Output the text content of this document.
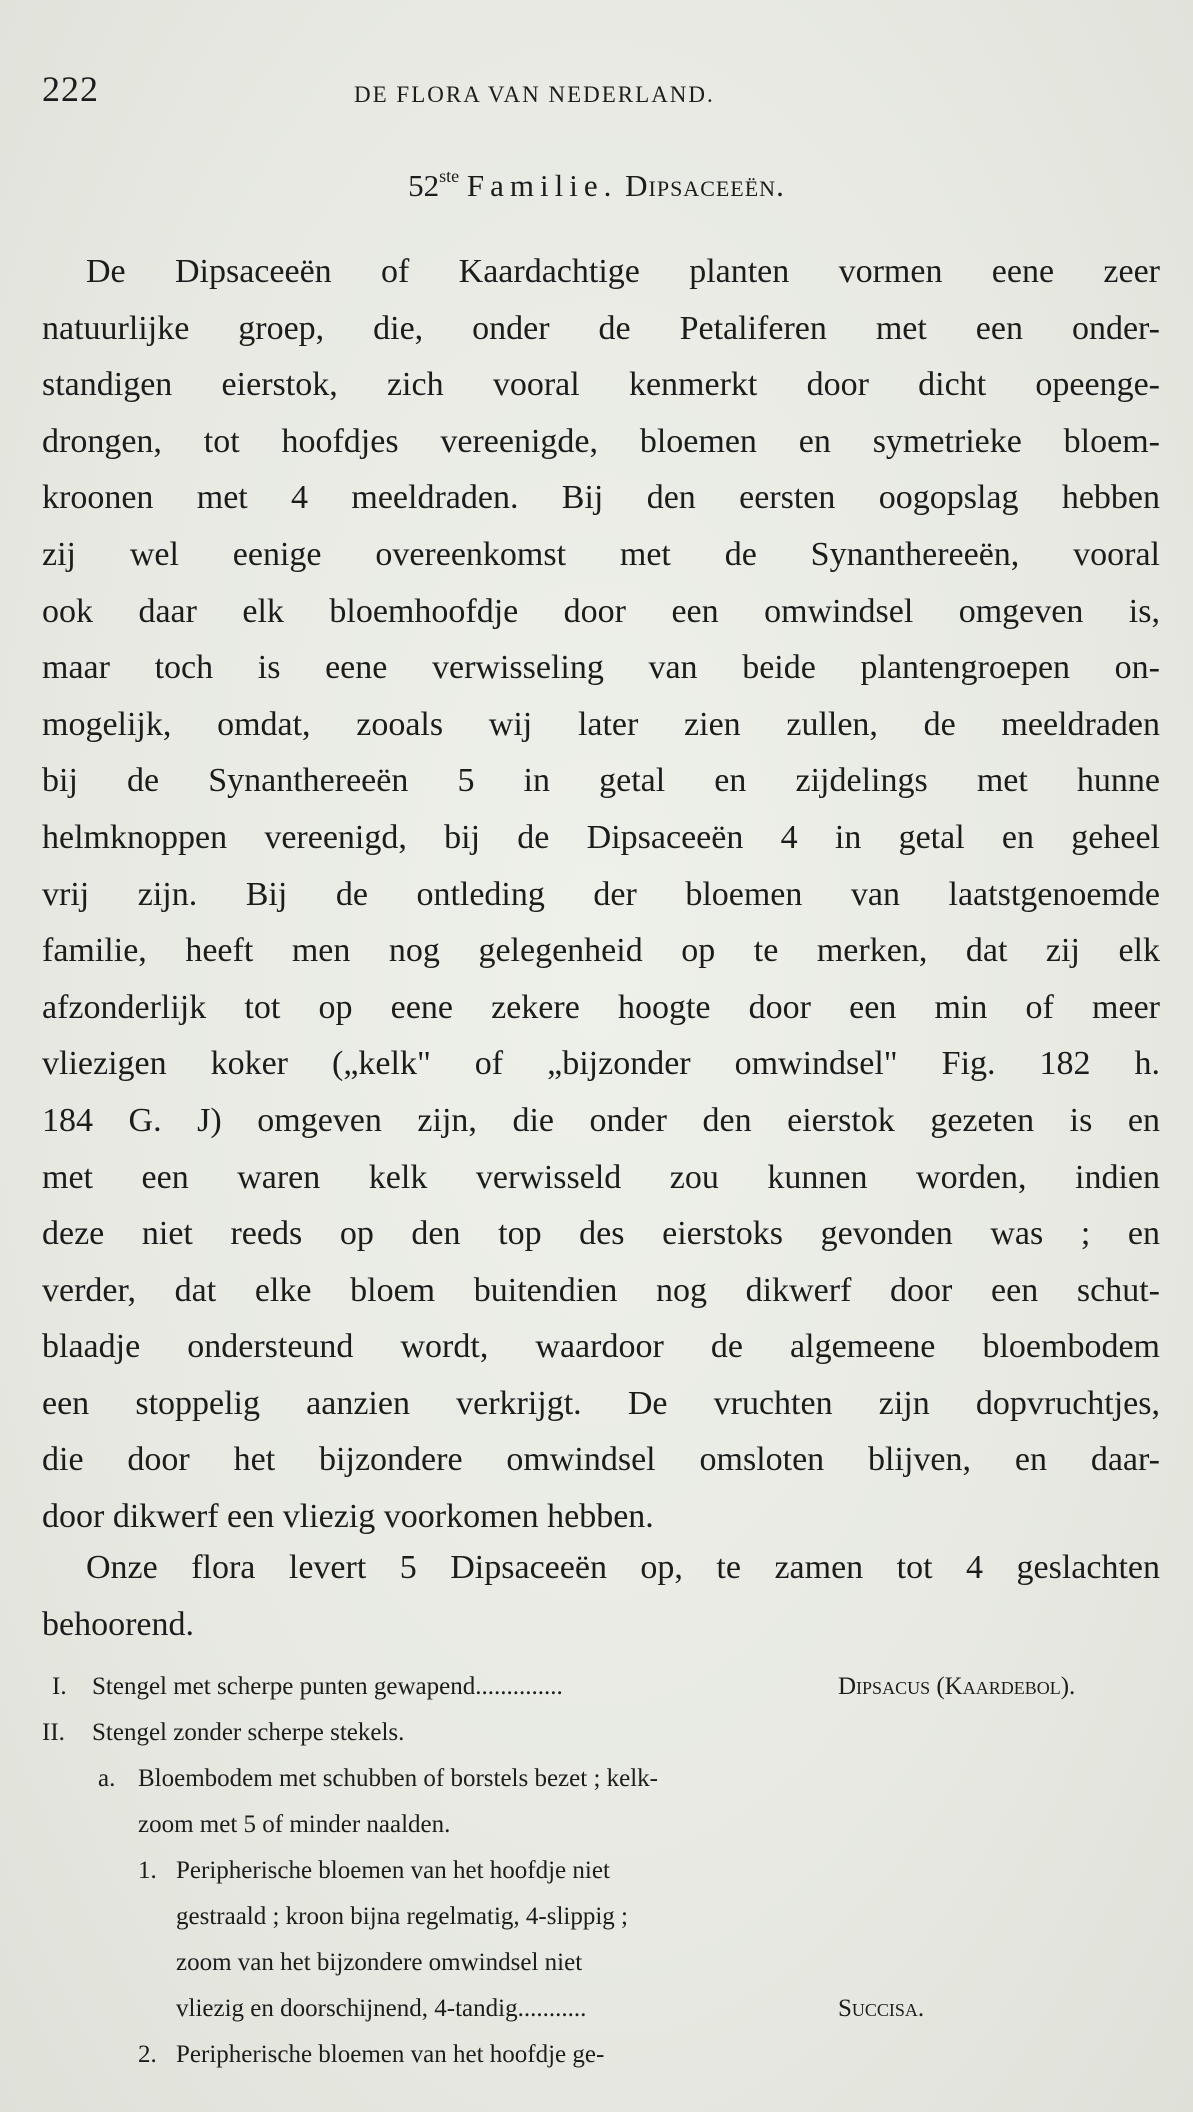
222	DE FLORA VAN NEDERLAND.
52ste Familie. Dipsaceeën.
De Dipsaceeën of Kaardachtige planten vormen eene zeer
natuurlijke groep, die, onder de Petaliferen met een onder-
standigen eierstok, zich vooral kenmerkt door dicht opeenge-
drongen, tot hoofdjes vereenigde, bloemen en symetrieke bloem-
kroonen met 4 meeldraden. Bij den eersten oogopslag hebben
zij wel eenige overeenkomst met de Synanthereeën, vooral
ook daar elk bloemhoofdje door een omwindsel omgeven is,
maar toch is eene verwisseling van beide plantengroepen on-
mogelijk, omdat, zooals wij later zien zullen, de meeldraden
bij de Synanthereeën 5 in getal en zijdelings met hunne
helmknoppen vereenigd, bij de Dipsaceeën 4 in getal en geheel
vrij zijn. Bij de ontleding der bloemen van laatstgenoemde
familie, heeft men nog gelegenheid op te merken, dat zij elk
afzonderlijk tot op eene zekere hoogte door een min of meer
vliezigen koker („kelk" of „bijzonder omwindsel" Fig. 182 h.
184 G. J) omgeven zijn, die onder den eierstok gezeten is en
met een waren kelk verwisseld zou kunnen worden, indien
deze niet reeds op den top des eierstoks gevonden was ; en
verder, dat elke bloem buitendien nog dikwerf door een schut-
blaadje ondersteund wordt, waardoor de algemeene bloembodem
een stoppelig aanzien verkrijgt. De vruchten zijn dopvruchtjes,
die door het bijzondere omwindsel omsloten blijven, en daar-
door dikwerf een vliezig voorkomen hebben.
Onze flora levert 5 Dipsaceeën op, te zamen tot 4 geslachten
behoorend.
I. Stengel met scherpe punten gewapend..............	Dipsacus (Kaardebol).
II. Stengel zonder scherpe stekels.
a. Bloembodem met schubben of borstels bezet ; kelk-
zoom met 5 of minder naalden.
1. Peripherische bloemen van het hoofdje niet
gestraald ; kroon bijna regelmatig, 4-slippig ;
zoom van het bijzondere omwindsel niet
vliezig en doorschijnend, 4-tandig...........	Succisa.
2. Peripherische bloemen van het hoofdje ge-
